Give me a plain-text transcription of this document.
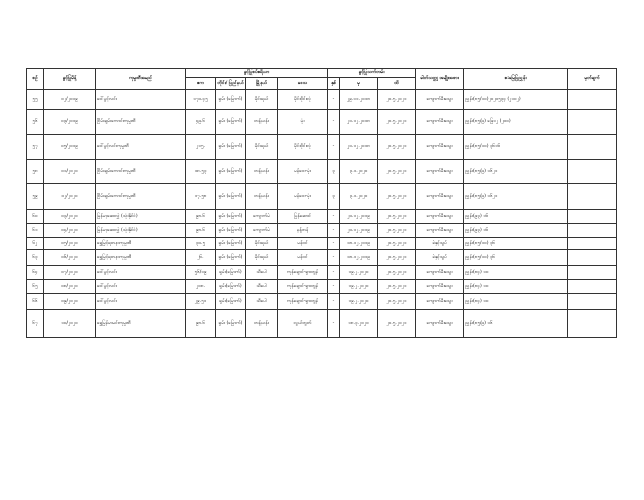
စဉ်	ခွင့်ပြုမိန့်	ကုမ္ပဏီအမည်	ခွင့်ပြုစပ်ဧရိယာ				ခွင့်ပြုသက်တမ်း			ဓါတ်သတ္တု အမျိုးအစား	ဧ:မြေပြညွှန်း	မှတ်ချက်
			ဧက	တိုင်း/ ပြည်နယ်	မြို့နယ်	ဒေသ	နှစ်	မှ	ထိ			

၅၅	၀၂/၂၀၁၉	ဒေါ်ပွင့်လင်း	၁၇၀.၄၅	ရှမ်း (မြောက်)	မိုင်းရယ်	မိုင်းဝိုင်းလုံ	-	၂၉.၁၁.၂၀၁၈	၂၀.၅.၂၀၂၁	ကျောက်မီးသွေး	ညွှန်း(၈၅/၁၀)၂၀၂၀၅၃၄ (၂၁၀၂)	
၅၆	၀၃/၂၀၁၉	ငြိမ်းချမ်းကောင်းကုမ္ပဏီ	၄၉.၆	ရှမ်း (မြောက်)	တန့်ယန်း	မုံး	-	၂၀.၁၂.၂၀၁၈	၂၀.၅.၂၀၂၁	ကျောက်မီးသွေး	ညွှန်း(၈၅/၉) ခြေ၁၂ (၂၀၀)	
၅၇	၀၅/၂၀၁၉	ဒေါ်ပွင့်လင်းကုမ္ပဏီ	၂၁၅.	ရှမ်း (မြောက်)	မိုင်းရယ်	မိုင်းဝိုင်းလုံ	-	၂၀.၁၂.၂၀၁၈	၂၀.၅.၂၀၂၁	ကျောက်မီးသွေး	ညွှန်း(၈၅/၁၀) ၃၆၁၆	
၅၈	၀၁/၂၀၂၀	ငြိမ်းချမ်းကောင်းကုမ္ပဏီ	၁၈.၅၃	ရှမ်း (မြောက်)	တန့်ယန်း	မန်ဝေး-မုံး	၃	၃.၁.၂၀၂၀	၂၀.၅.၂၀၂၁	ကျောက်မီးသွေး	ညွှန်း(၈၅/၉) ၁၆၂၁	
၅၉	၀၂/၂၀၂၀	ငြိမ်းချမ်းကောင်းကုမ္ပဏီ	၁၇.၅၈	ရှမ်း (မြောက်)	တန့်ယန်း	မန်ဝေး-မုံး	၃	၃.၁.၂၀၂၀	၂၀.၅.၂၀၂၁	ကျောက်မီးသွေး	ညွှန်း(၈၅/၉) ၁၆၂၁	
၆၀	၀၃/၂၀၂၀	မြန်မာ့ဆေးလွှဲ (သုံးနိုင်ငံ)	၉၈.၆	ရှမ်း (မြောက်)	ကျောက်မဲ	ပြန်ဆောင်	-	၂၀.၁၂.၂၀၁၉	၂၀.၅.၂၀၂၁	ကျောက်မီးသွေး	ညွှန်း(၉၃) ၁၆	
၆၁	၀၄/၂၀၂၀	မြန်မာ့ဆေးလွှဲ (သုံးနိုင်ငံ)	၉၈.၆	ရှမ်း (မြောက်)	ကျောက်မဲ	နန့်တန်	-	၂၀.၁၂.၂၀၁၉	၂၀.၅.၂၀၂၁	ကျောက်မီးသွေး	ညွှန်း(၉၃) ၁၆	
၆၂	၀၅/၂၀၂၀	ရွှေမြင့်ရတနာကုမ္ပဏီ	၃၀.၅	ရှမ်း (မြောက်)	မိုင်းရယ်	မန်ဝင်	-	၁၈.၁၂.၂၀၁၉	၂၀.၅.၂၀၂၁	ခဲနှင့်သွပ်	ညွှန်း(၈၅/၁၀) ၃၆	
၆၃	၀၆/၂၀၂၀	ရွှေမြင့်ရတနာကုမ္ပဏီ	၂၆.	ရှမ်း (မြောက်)	မိုင်းရယ်	မန်ဝင်	-	၁၈.၁၂.၂၀၁၉	၂၀.၅.၂၀၂၁	ခဲနှင့်သွပ်	ညွှန်း(၈၅/၁၀) ၃၆	
၆၄	၀၇/၂၀၂၀	ဒေါ်ပွင့်လင်း	၅၆/၁၉	ရှမ်း(မြောက်)	သီပေါ	ကုန်ချောင်-ရှားတွန်	-	၁၉.၂.၂၀၂၀	၂၀.၅.၂၀၂၁	ကျောက်မီးသွေး	ညွှန်း(၈၄) ၁၀	
၆၅	၀၈/၂၀၂၀	ဒေါ်ပွင့်လင်း	၂၀၈.	ရှမ်း(မြောက်)	သီပေါ	ကုန်ချောင်-ရှားတွန်	-	၁၉.၂.၂၀၂၀	၂၀.၅.၂၀၂၁	ကျောက်မီးသွေး	ညွှန်း(၈၄) ၁၀	
၆၆	၀၉/၂၀၂၀	ဒေါ်ပွင့်လင်း	၂၉.၅၁	ရှမ်း(မြောက်)	သီပေါ	ကုန်ချောင်-ရှားတွန်	-	၁၉.၂.၂၀၂၀	၂၀.၅.၂၀၂၁	ကျောက်မီးသွေး	ညွှန်း(၈၄) ၁၀	
၆၇	၁၀/၂၀၂၀	ရွှေမြန်မာမင်းကုမ္ပဏီ	၉၈.၆	ရှမ်း (မြောက်)	တန့်ယန်း	လွယ်ဘွတ်	-	၁၈.၃.၂၀၂၀	၂၀.၅.၂၀၂၁	ကျောက်မီးသွေး	ညွှန်း(၈၅/၉) ၁၆	
